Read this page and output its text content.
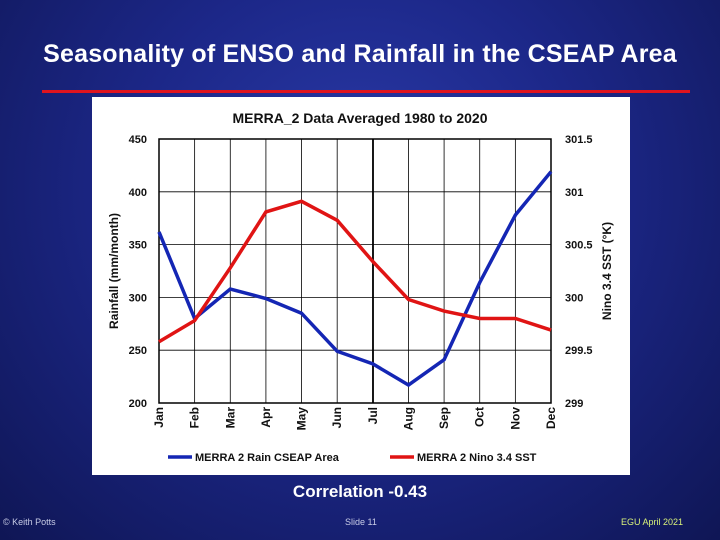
Seasonality of ENSO and Rainfall in the CSEAP Area
MERRA_2 Data Averaged 1980 to 2020
450
400
350
300
250
200
301.5
301
300.5
300
299.5
299
Jan Feb Mar Apr May Jun Jul Aug Sep Oct Nov Dec
Rainfall (mm/month)	Nino 3.4 SST (°K)
MERRA 2 Rain CSEAP Area	MERRA 2 Nino 3.4 SST
Correlation -0.43
© Keith Potts	Slide 11	EGU April 2021
